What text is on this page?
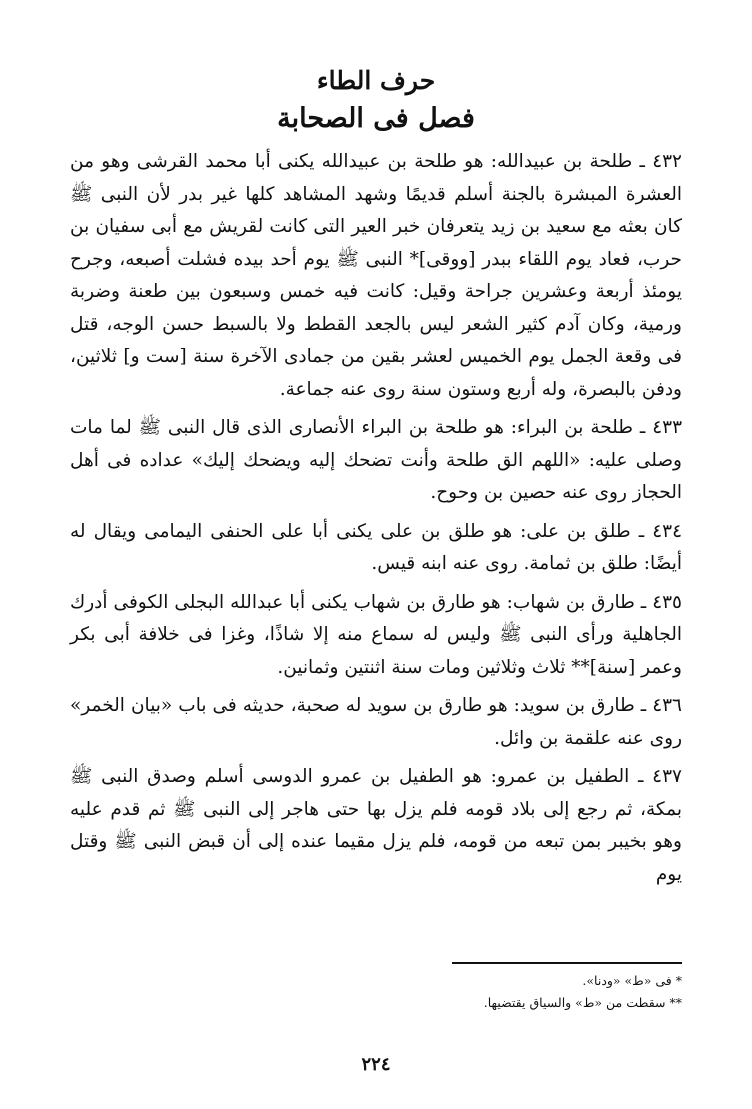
حرف الطاء
فصل فى الصحابة

٤٣٢ ـ طلحة بن عبيدالله: هو طلحة بن عبيدالله يكنى أبا محمد القرشى وهو من العشرة المبشرة بالجنة أسلم قديمًا وشهد المشاهد كلها غير بدر لأن النبى ﷺ كان بعثه مع سعيد بن زيد يتعرفان خبر العير التى كانت لقريش مع أبى سفيان بن حرب، فعاد يوم اللقاء ببدر [ووقى]* النبى ﷺ يوم أحد بيده فشلت أصبعه، وجرح يومئذ أربعة وعشرين جراحة وقيل: كانت فيه خمس وسبعون بين طعنة وضربة ورمية، وكان آدم كثير الشعر ليس بالجعد القطط ولا بالسبط حسن الوجه، قتل فى وقعة الجمل يوم الخميس لعشر بقين من جمادى الآخرة سنة [ست و] ثلاثين، ودفن بالبصرة، وله أربع وستون سنة روى عنه جماعة.

٤٣٣ ـ طلحة بن البراء: هو طلحة بن البراء الأنصارى الذى قال النبى ﷺ لما مات وصلى عليه: «اللهم الق طلحة وأنت تضحك إليه ويضحك إليك» عداده فى أهل الحجاز روى عنه حصين بن وحوح.

٤٣٤ ـ طلق بن على: هو طلق بن على يكنى أبا على الحنفى اليمامى ويقال له أيضًا: طلق بن ثمامة. روى عنه ابنه قيس.

٤٣٥ ـ طارق بن شهاب: هو طارق بن شهاب يكنى أبا عبدالله البجلى الكوفى أدرك الجاهلية ورأى النبى ﷺ وليس له سماع منه إلا شاذًا، وغزا فى خلافة أبى بكر وعمر [سنة]** ثلاث وثلاثين ومات سنة اثنتين وثمانين.

٤٣٦ ـ طارق بن سويد: هو طارق بن سويد له صحبة، حديثه فى باب «بيان الخمر» روى عنه علقمة بن وائل.

٤٣٧ ـ الطفيل بن عمرو: هو الطفيل بن عمرو الدوسى أسلم وصدق النبى ﷺ بمكة، ثم رجع إلى بلاد قومه فلم يزل بها حتى هاجر إلى النبى ﷺ ثم قدم عليه وهو بخيبر بمن تبعه من قومه، فلم يزل مقيما عنده إلى أن قبض النبى ﷺ وقتل يوم

* فى «ط» «ودنا».

** سقطت من «ط» والسياق يقتضيها.

٢٢٤
